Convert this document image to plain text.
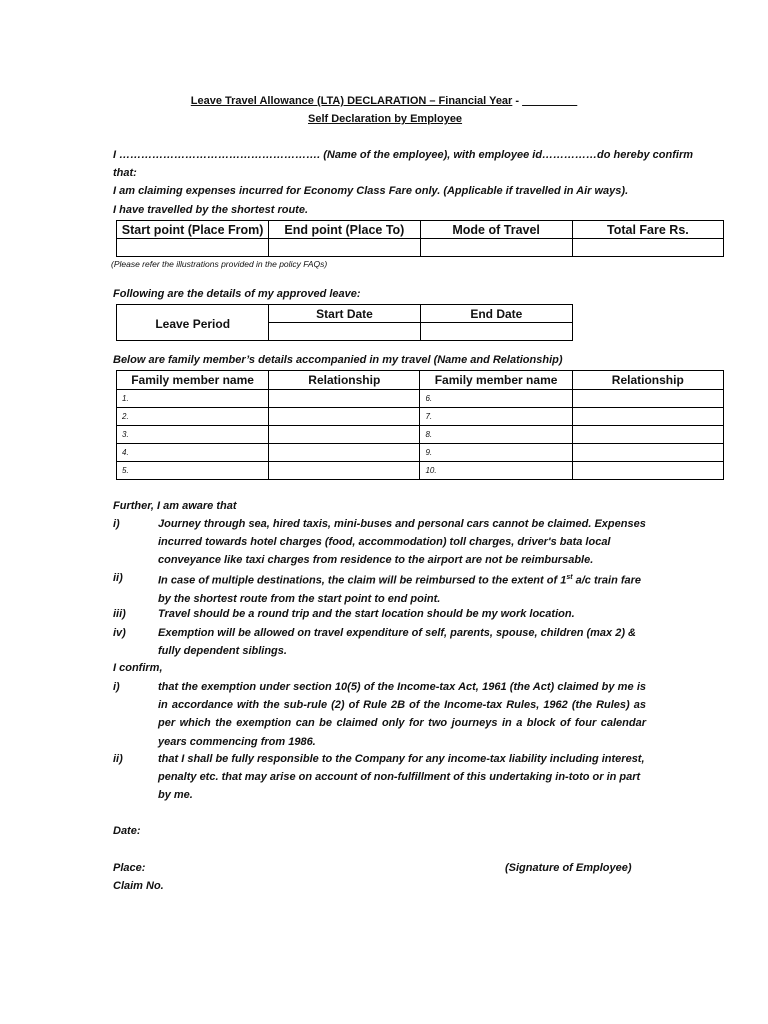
Leave Travel Allowance (LTA) DECLARATION – Financial Year - _________
Self Declaration by Employee
I ………………………………………………. (Name of the employee), with employee id……………do hereby confirm
that:
I am claiming expenses incurred for Economy Class Fare only. (Applicable if travelled in Air ways).
I have travelled by the shortest route.
Start point (Place From)	End point (Place To)	Mode of Travel	Total Fare Rs.

(Please refer the illustrations provided in the policy FAQs)
Following are the details of my approved leave:
Leave Period	Start Date	End Date

Below are family member’s details accompanied in my travel (Name and Relationship)
Family member name	Relationship	Family member name	Relationship
1.		6.	
2.		7.	
3.		8.	
4.		9.	
5.		10.	
Further, I am aware that
i)	Journey through sea, hired taxis, mini-buses and personal cars cannot be claimed. Expenses incurred towards hotel charges (food, accommodation) toll charges, driver's bata local conveyance like taxi charges from residence to the airport are not be reimbursable.
ii)	In case of multiple destinations, the claim will be reimbursed to the extent of 1st a/c train fare by the shortest route from the start point to end point.
iii)	Travel should be a round trip and the start location should be my work location.
iv)	Exemption will be allowed on travel expenditure of self, parents, spouse, children (max 2) & fully dependent siblings.
I confirm,
i)	that the exemption under section 10(5) of the Income-tax Act, 1961 (the Act) claimed by me is in accordance with the sub-rule (2) of Rule 2B of the Income-tax Rules, 1962 (the Rules) as per which the exemption can be claimed only for two journeys in a block of four calendar years commencing from 1986.
ii)	that I shall be fully responsible to the Company for any income-tax liability including interest, penalty etc. that may arise on account of non-fulfillment of this undertaking in-toto or in part by me.
Date:
Place:
Claim No.
(Signature of Employee)
